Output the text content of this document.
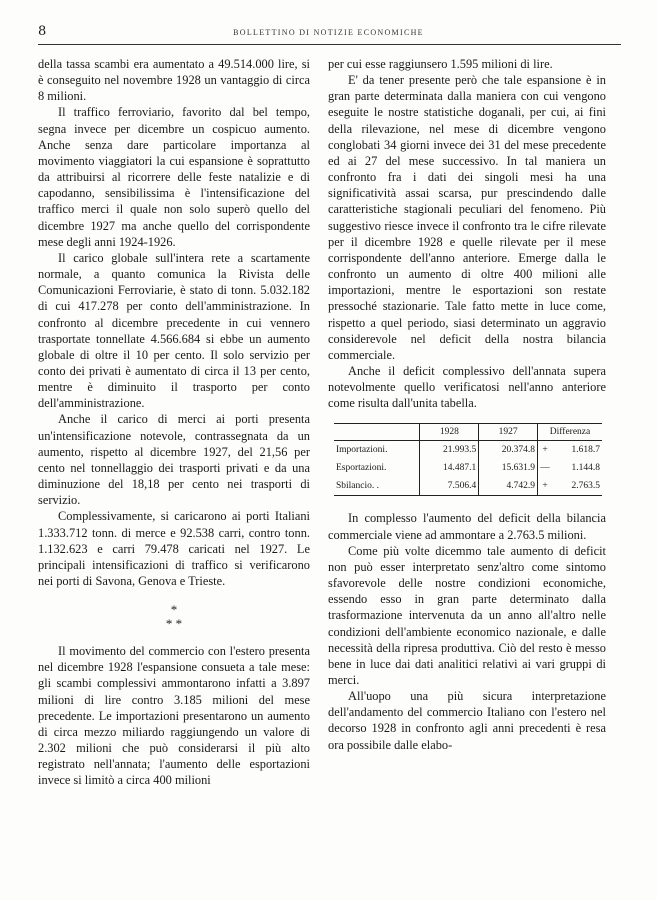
8	BOLLETTINO DI NOTIZIE ECONOMICHE

della tassa scambi era aumentato a 49.514.000 lire, si è conseguito nel novembre 1928 un vantaggio di circa 8 milioni.

Il traffico ferroviario, favorito dal bel tempo, segna invece per dicembre un cospicuo aumento. Anche senza dare particolare importanza al movimento viaggiatori la cui espansione è soprattutto da attribuirsi al ricorrere delle feste natalizie e di capodanno, sensibilissima è l'intensificazione del traffico merci il quale non solo superò quello del dicembre 1927 ma anche quello del corrispondente mese degli anni 1924-1926.

Il carico globale sull'intera rete a scartamente normale, a quanto comunica la Rivista delle Comunicazioni Ferroviarie, è stato di tonn. 5.032.182 di cui 417.278 per conto dell'amministrazione. In confronto al dicembre precedente in cui vennero trasportate tonnellate 4.566.684 si ebbe un aumento globale di oltre il 10 per cento. Il solo servizio per conto dei privati è aumentato di circa il 13 per cento, mentre è diminuito il trasporto per conto dell'amministrazione.

Anche il carico di merci ai porti presenta un'intensificazione notevole, contrassegnata da un aumento, rispetto al dicembre 1927, del 21,56 per cento nel tonnellaggio dei trasporti privati e da una diminuzione del 18,18 per cento nei trasporti di servizio.

Complessivamente, si caricarono ai porti Italiani 1.333.712 tonn. di merce e 92.538 carri, contro tonn. 1.132.623 e carri 79.478 caricati nel 1927. Le principali intensificazioni di traffico si verificarono nei porti di Savona, Genova e Trieste.

*
* *

Il movimento del commercio con l'estero presenta nel dicembre 1928 l'espansione consueta a tale mese: gli scambi complessivi ammontarono infatti a 3.897 milioni di lire contro 3.185 milioni del mese precedente. Le importazioni presentarono un aumento di circa mezzo miliardo raggiungendo un valore di 2.302 milioni che può considerarsi il più alto registrato nell'annata; l'aumento delle esportazioni invece si limitò a circa 400 milioni

per cui esse raggiunsero 1.595 milioni di lire.

E' da tener presente però che tale espansione è in gran parte determinata dalla maniera con cui vengono eseguite le nostre statistiche doganali, per cui, ai fini della rilevazione, nel mese di dicembre vengono conglobati 34 giorni invece dei 31 del mese precedente ed ai 27 del mese successivo. In tal maniera un confronto fra i dati dei singoli mesi ha una significatività assai scarsa, pur prescindendo dalle caratteristiche stagionali peculiari del fenomeno. Più suggestivo riesce invece il confronto tra le cifre rilevate per il dicembre 1928 e quelle rilevate per il mese corrispondente dell'anno anteriore. Emerge dalla le confronto un aumento di oltre 400 milioni alle importazioni, mentre le esportazioni son restate pressoché stazionarie. Tale fatto mette in luce come, rispetto a quel periodo, siasi determinato un aggravio considerevole nel deficit della nostra bilancia commerciale.

Anche il deficit complessivo dell'annata supera notevolmente quello verificatosi nell'anno anteriore come risulta dall'unita tabella.

	1928	1927	Differenza	
Importazioni.	21.993.5	20.374.8	+	1.618.7
Esportazioni.	14.487.1	15.631.9	—	1.144.8
Sbilancio. .	7.506.4	4.742.9	+	2.763.5

In complesso l'aumento del deficit della bilancia commerciale viene ad ammontare a 2.763.5 milioni.

Come più volte dicemmo tale aumento di deficit non può esser interpretato senz'altro come sintomo sfavorevole delle nostre condizioni economiche, essendo esso in gran parte determinato dalla trasformazione intervenuta da un anno all'altro nelle condizioni dell'ambiente economico nazionale, e dalle necessità della ripresa produttiva. Ciò del resto è messo bene in luce dai dati analitici relativi ai vari gruppi di merci.

All'uopo una più sicura interpretazione dell'andamento del commercio Italiano con l'estero nel decorso 1928 in confronto agli anni precedenti è resa ora possibile dalle elabo-
